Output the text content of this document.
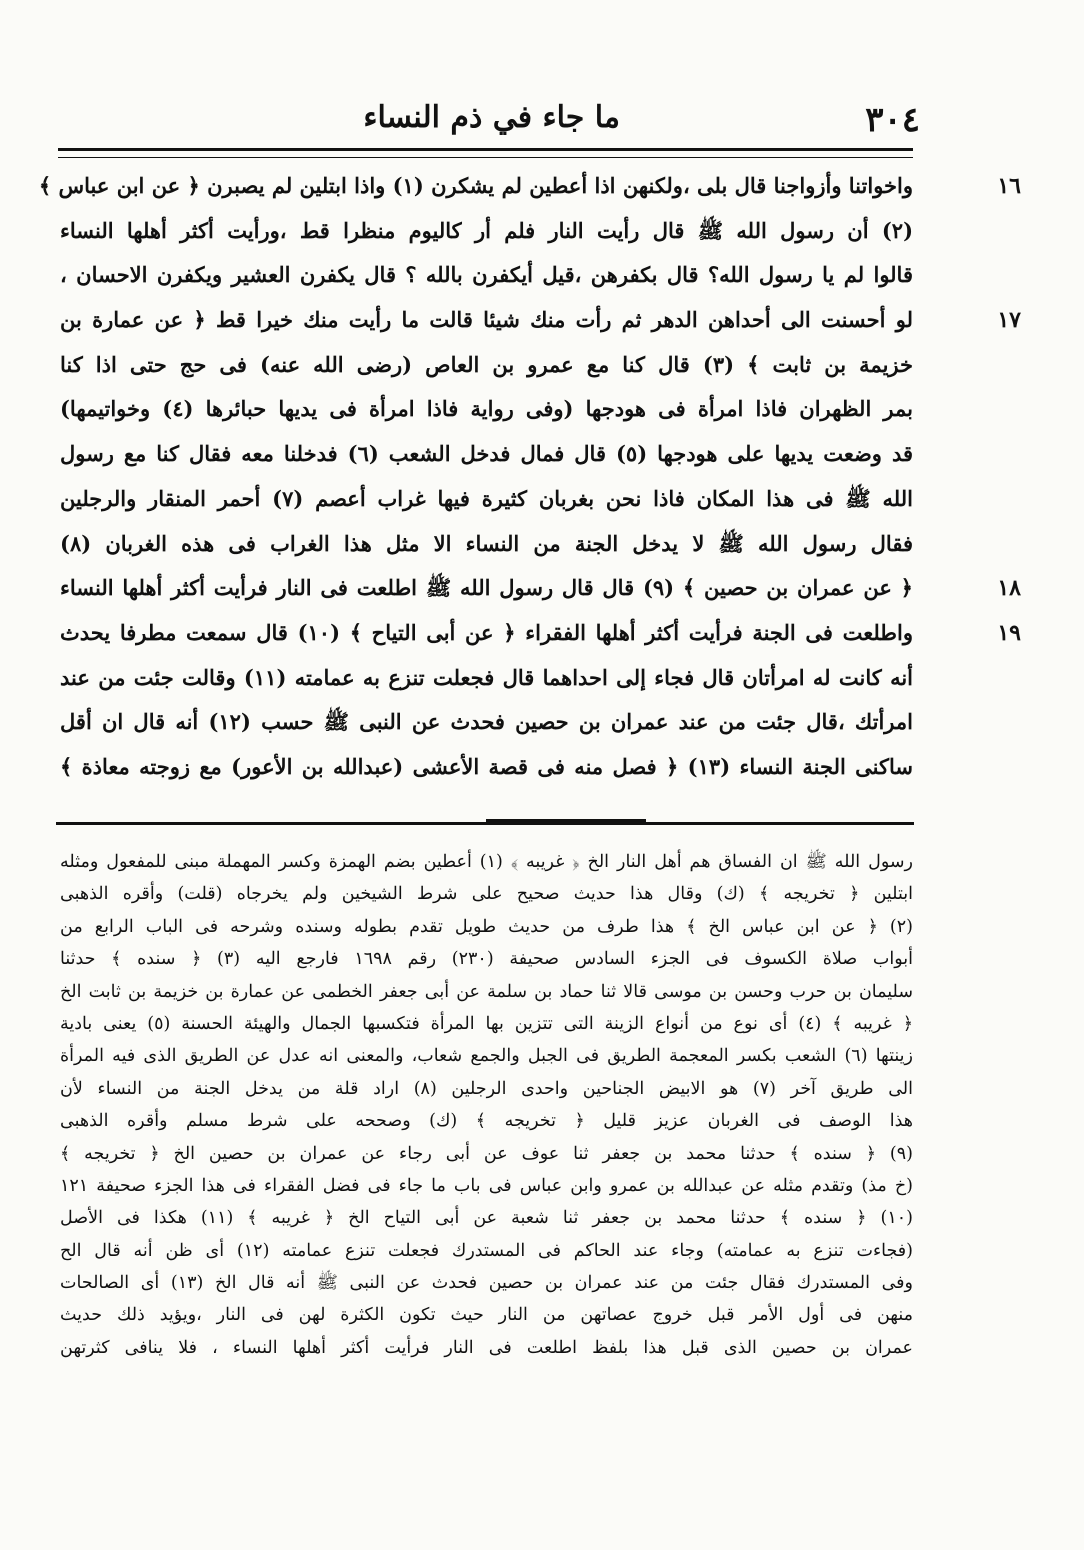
٣٠٤
ما جاء في ذم النساء
١٦
واخواتنا وأزواجنا قال بلى ،ولكنهن اذا أعطين لم يشكرن (١) واذا ابتلين لم يصبرن ﴿ عن ابن عباس ﴾
(٢) أن رسول الله ﷺ قال رأيت النار فلم أر كاليوم منظرا قط ،ورأيت أكثر أهلها النساء
قالوا لم يا رسول الله؟ قال بكفرهن ،قيل أيكفرن بالله ؟ قال يكفرن العشير ويكفرن الاحسان ،
١٧
لو أحسنت الى أحداهن الدهر ثم رأت منك شيئا قالت ما رأيت منك خيرا قط ﴿ عن عمارة بن
خزيمة بن ثابت ﴾ (٣) قال كنا مع عمرو بن العاص (رضى الله عنه) فى حج حتى اذا كنا
بمر الظهران فاذا امرأة فى هودجها (وفى رواية فاذا امرأة فى يديها حبائرها (٤) وخواتيمها)
قد وضعت يديها على هودجها (٥) قال فمال فدخل الشعب (٦) فدخلنا معه فقال كنا مع رسول
الله ﷺ فى هذا المكان فاذا نحن بغربان كثيرة فيها غراب أعصم (٧) أحمر المنقار والرجلين
فقال رسول الله ﷺ لا يدخل الجنة من النساء الا مثل هذا الغراب فى هذه الغربان (٨)
١٨
﴿ عن عمران بن حصين ﴾ (٩) قال قال رسول الله ﷺ اطلعت فى النار فرأيت أكثر أهلها النساء
١٩
واطلعت فى الجنة فرأيت أكثر أهلها الفقراء ﴿ عن أبى التياح ﴾ (١٠) قال سمعت مطرفا يحدث
أنه كانت له امرأتان قال فجاء إلى احداهما قال فجعلت تنزع به عمامته (١١) وقالت جئت من عند
امرأتك ،قال جئت من عند عمران بن حصين فحدث عن النبى ﷺ حسب (١٢) أنه قال ان أقل
ساكنى الجنة النساء (١٣) ﴿ فصل منه فى قصة الأعشى (عبدالله بن الأعور) مع زوجته معاذة ﴾
رسول الله ﷺ ان الفساق هم أهل النار الخ ﴿ غريبه ﴾ (١) أعطين بضم الهمزة وكسر المهملة مبنى للمفعول ومثله
ابتلين ﴿ تخريجه ﴾ (ك) وقال هذا حديث صحيح على شرط الشيخين ولم يخرجاه (قلت) وأقره الذهبى
(٢) ﴿ عن ابن عباس الخ ﴾ هذا طرف من حديث طويل تقدم بطوله وسنده وشرحه فى الباب الرابع من
أبواب صلاة الكسوف فى الجزء السادس صحيفة (٢٣٠) رقم ١٦٩٨ فارجع اليه (٣) ﴿ سنده ﴾ حدثنا
سليمان بن حرب وحسن بن موسى قالا ثنا حماد بن سلمة عن أبى جعفر الخطمى عن عمارة بن خزيمة بن ثابت الخ
﴿ غريبه ﴾ (٤) أى نوع من أنواع الزينة التى تتزين بها المرأة فتكسبها الجمال والهيئة الحسنة (٥) يعنى بادية
زينتها (٦) الشعب بكسر المعجمة الطريق فى الجبل والجمع شعاب، والمعنى انه عدل عن الطريق الذى فيه المرأة
الى طريق آخر (٧) هو الابيض الجناحين واحدى الرجلين (٨) اراد قلة من يدخل الجنة من النساء لأن
هذا الوصف فى الغربان عزيز قليل ﴿ تخريجه ﴾ (ك) وصححه على شرط مسلم وأقره الذهبى
(٩) ﴿ سنده ﴾ حدثنا محمد بن جعفر ثنا عوف عن أبى رجاء عن عمران بن حصين الخ ﴿ تخريجه ﴾
(خ مذ) وتقدم مثله عن عبدالله بن عمرو وابن عباس فى باب ما جاء فى فضل الفقراء فى هذا الجزء صحيفة ١٢١
(١٠) ﴿ سنده ﴾ حدثنا محمد بن جعفر ثنا شعبة عن أبى التياح الخ ﴿ غريبه ﴾ (١١) هكذا فى الأصل
(فجاءت تنزع به عمامته) وجاء عند الحاكم فى المستدرك فجعلت تنزع عمامته (١٢) أى ظن أنه قال الح
وفى المستدرك فقال جئت من عند عمران بن حصين فحدث عن النبى ﷺ أنه قال الخ (١٣) أى الصالحات
منهن فى أول الأمر قبل خروج عصاتهن من النار حيث تكون الكثرة لهن فى النار ،ويؤيد ذلك حديث
عمران بن حصين الذى قبل هذا بلفظ اطلعت فى النار فرأيت أكثر أهلها النساء ، فلا ينافى كثرتهن
